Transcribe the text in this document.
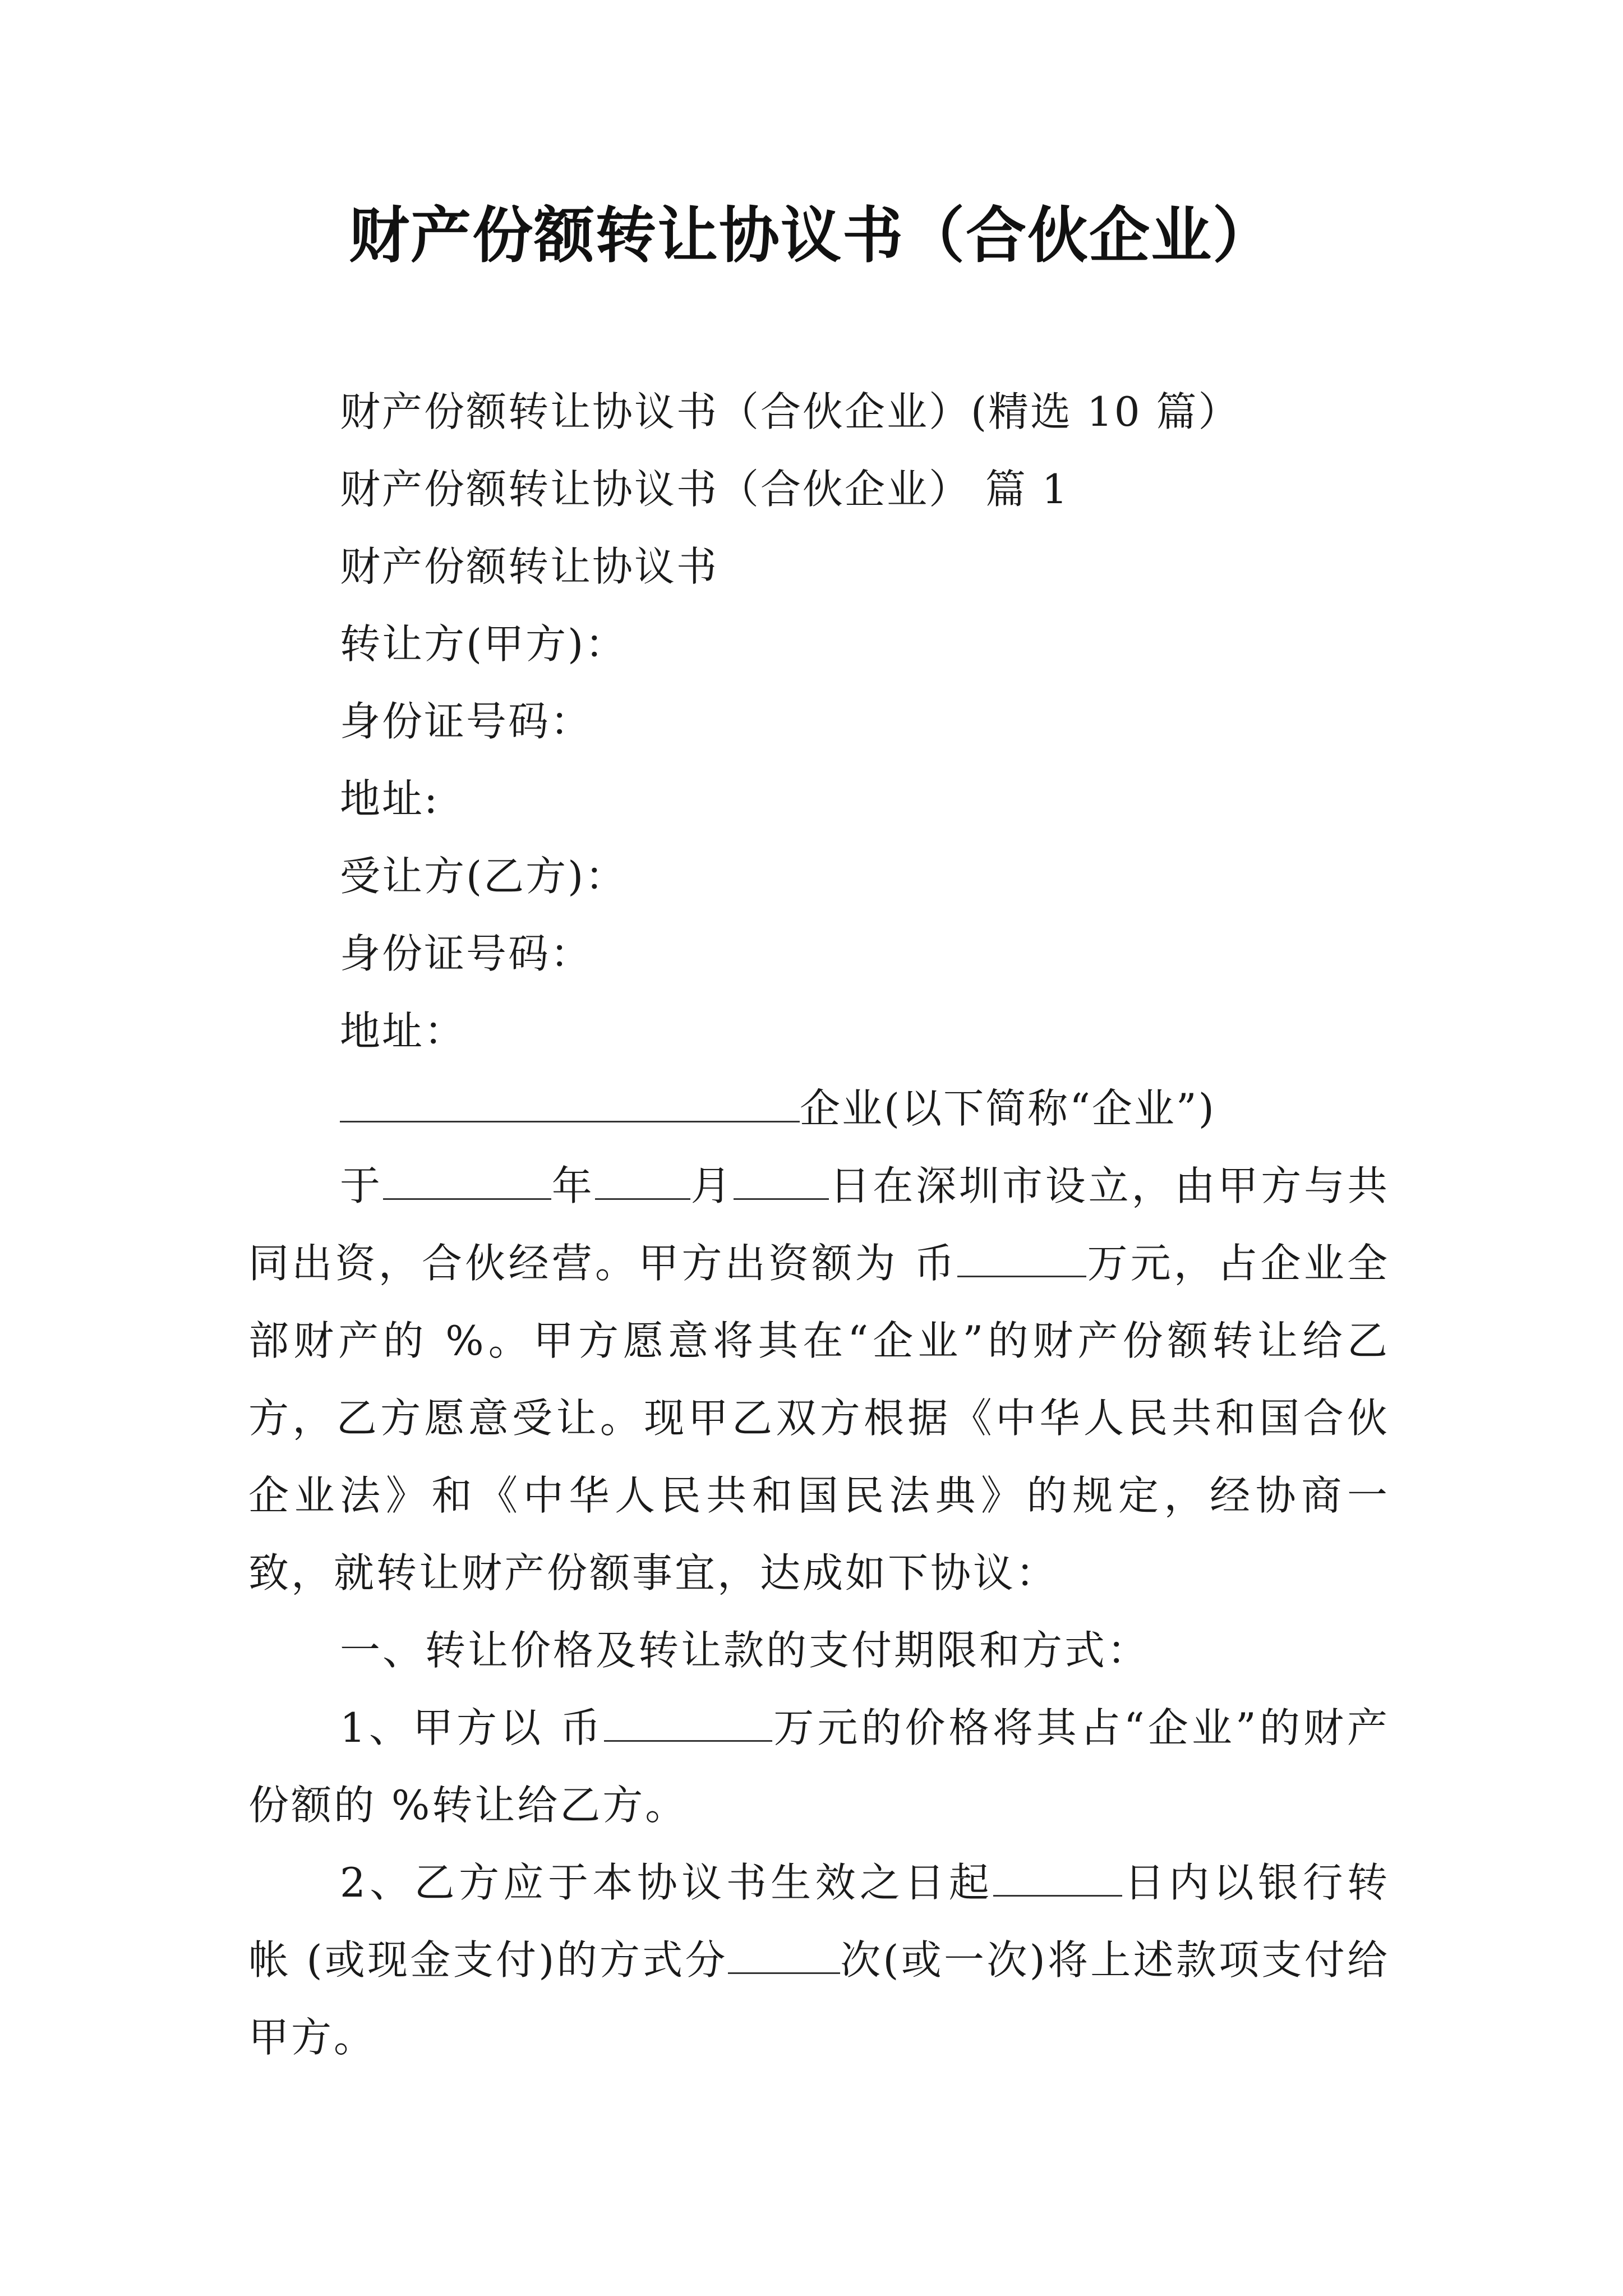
财产份额转让协议书（合伙企业）

财产份额转让协议书（合伙企业）(精选 10 篇）

财产份额转让协议书（合伙企业） 篇 1

财产份额转让协议书

转让方(甲方)：

身份证号码：

地址:

受让方(乙方)：

身份证号码：

地址：

企业(以下简称“企业”)

于	年 月 日在深圳市设立，由甲方与共同出资，合伙经营。甲方出资额为 币	万元，占企业全部财产的 %。甲方愿意将其在“企业”的财产份额转让给乙方，乙方愿意受让。现甲乙双方根据《中华人民共和国合伙企业法》和《中华人民共和国民法典》的规定，经协商一致，就转让财产份额事宜，达成如下协议：

一、转让价格及转让款的支付期限和方式：

1、甲方以 币	万元的价格将其占“企业”的财产份额的 %转让给乙方。

2、乙方应于本协议书生效之日起	日内以银行转帐 (或现金支付)的方式分	次(或一次)将上述款项支付给甲方。
